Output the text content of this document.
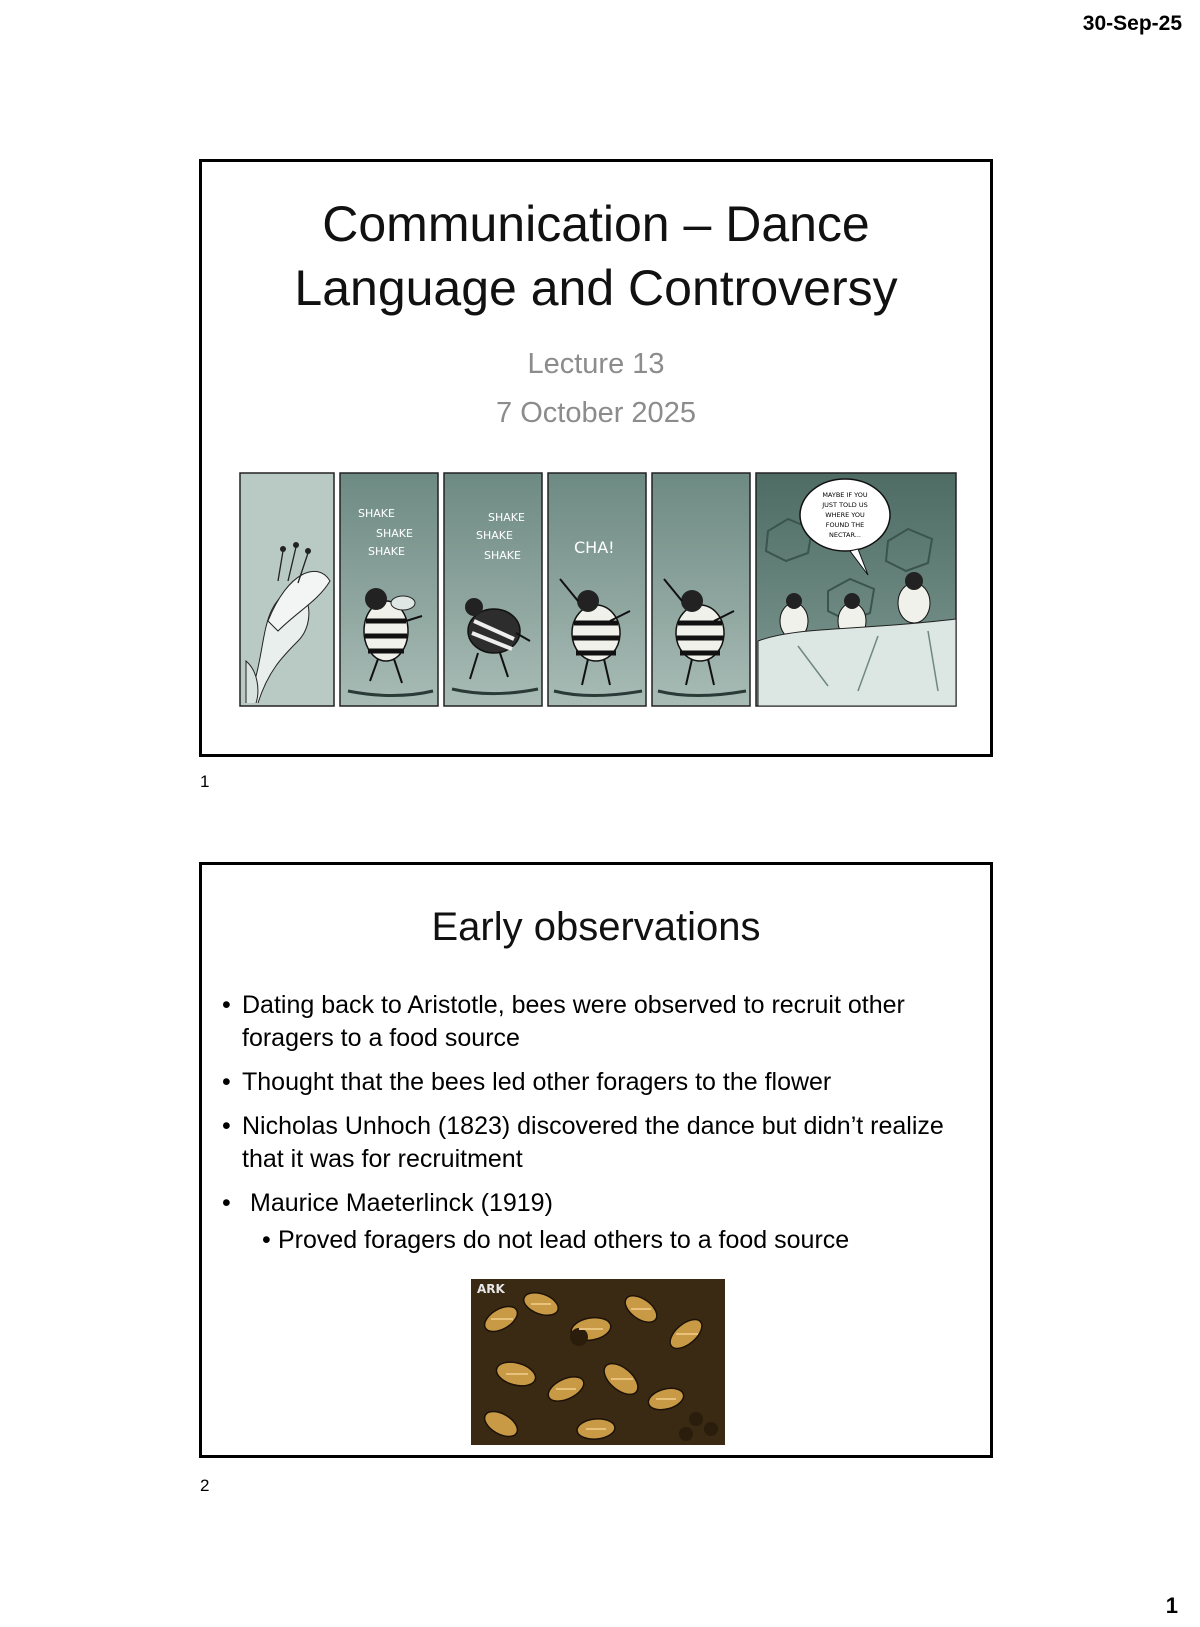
30-Sep-25
Communication – Dance
Language and Controversy
Lecture 13
7 October 2025
SHAKE
SHAKE
SHAKE
SHAKE
SHAKE
SHAKE	CHA!
MAYBE IF YOU
JUST TOLD US
WHERE YOU
FOUND THE
NECTAR...
1
Early observations
• Dating back to Aristotle, bees were observed to recruit other foragers to a food source
• Thought that the bees led other foragers to the flower
• Nicholas Unhoch (1823) discovered the dance but didn’t realize that it was for recruitment
• Maurice Maeterlinck (1919)
• Proved foragers do not lead others to a food source
ARK
2
1
